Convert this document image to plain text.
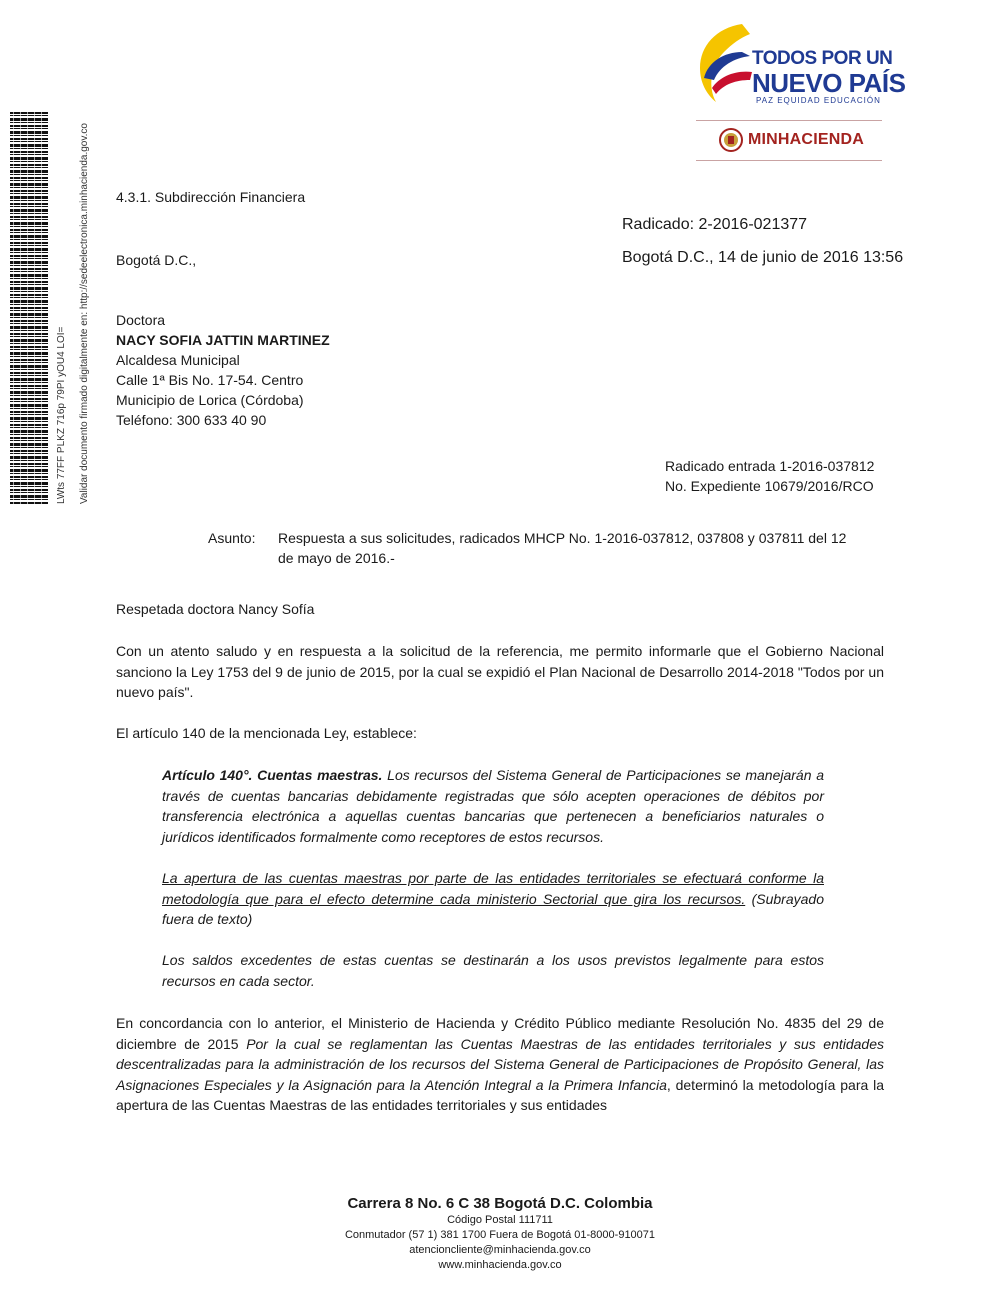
LWts 77FF PLKZ 716p 79PI yOU4 LOI= Validar documento firmado digitalmente en: http://sedeelectronica.minhacienda.gov.co
TODOS POR UN
NUEVO PAÍS
PAZ EQUIDAD EDUCACIÓN
MINHACIENDA
4.3.1. Subdirección Financiera
Radicado: 2-2016-021377
Bogotá D.C.,	Bogotá D.C., 14 de junio de 2016 13:56
Doctora
NACY SOFIA JATTIN MARTINEZ
Alcaldesa Municipal
Calle 1ª Bis No. 17-54. Centro
Municipio de Lorica (Córdoba)
Teléfono: 300 633 40 90
Radicado entrada 1-2016-037812
No. Expediente 10679/2016/RCO
Asunto: Respuesta a sus solicitudes, radicados MHCP No. 1-2016-037812, 037808 y 037811 del 12
de mayo de 2016.-
Respetada doctora Nancy Sofía
Con un atento saludo y en respuesta a la solicitud de la referencia, me permito informarle que el Gobierno Nacional sanciono la Ley 1753 del 9 de junio de 2015, por la cual se expidió el Plan Nacional de Desarrollo 2014-2018 "Todos por un nuevo país".
El artículo 140 de la mencionada Ley, establece:
Artículo 140°. Cuentas maestras. Los recursos del Sistema General de Participaciones se manejarán a través de cuentas bancarias debidamente registradas que sólo acepten operaciones de débitos por transferencia electrónica a aquellas cuentas bancarias que pertenecen a beneficiarios naturales o jurídicos identificados formalmente como receptores de estos recursos.
La apertura de las cuentas maestras por parte de las entidades territoriales se efectuará conforme la metodología que para el efecto determine cada ministerio Sectorial que gira los recursos. (Subrayado fuera de texto)
Los saldos excedentes de estas cuentas se destinarán a los usos previstos legalmente para estos recursos en cada sector.
En concordancia con lo anterior, el Ministerio de Hacienda y Crédito Público mediante Resolución No. 4835 del 29 de diciembre de 2015 Por la cual se reglamentan las Cuentas Maestras de las entidades territoriales y sus entidades descentralizadas para la administración de los recursos del Sistema General de Participaciones de Propósito General, las Asignaciones Especiales y la Asignación para la Atención Integral a la Primera Infancia, determinó la metodología para la apertura de las Cuentas Maestras de las entidades territoriales y sus entidades
Carrera 8 No. 6 C 38 Bogotá D.C. Colombia
Código Postal 111711
Conmutador (57 1) 381 1700 Fuera de Bogotá 01-8000-910071
atencioncliente@minhacienda.gov.co
www.minhacienda.gov.co
